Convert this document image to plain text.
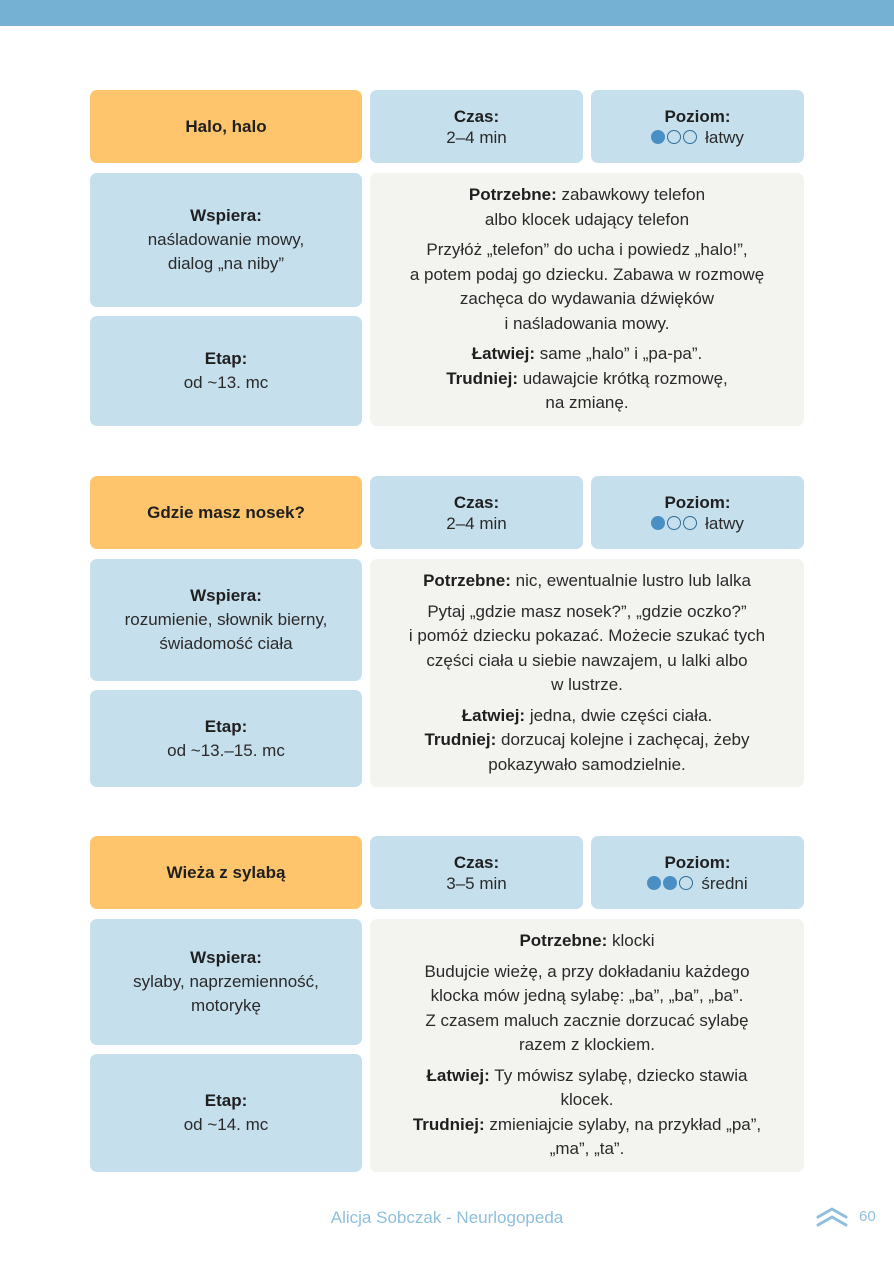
Halo, halo
Czas:
2–4 min
Poziom:
łatwy
Wspiera:
naśladowanie mowy,
dialog „na niby”
Etap:
od ~13. mc

Potrzebne: zabawkowy telefon
albo klocek udający telefon

Przyłóż „telefon” do ucha i powiedz „halo!”,
a potem podaj go dziecku. Zabawa w rozmowę
zachęca do wydawania dźwięków
i naśladowania mowy.

Łatwiej: same „halo” i „pa-pa”.
Trudniej: udawajcie krótką rozmowę,
na zmianę.

Gdzie masz nosek?
Czas:
2–4 min
Poziom:
łatwy
Wspiera:
rozumienie, słownik bierny,
świadomość ciała
Etap:
od ~13.–15. mc

Potrzebne: nic, ewentualnie lustro lub lalka

Pytaj „gdzie masz nosek?”, „gdzie oczko?”
i pomóż dziecku pokazać. Możecie szukać tych
części ciała u siebie nawzajem, u lalki albo
w lustrze.

Łatwiej: jedna, dwie części ciała.
Trudniej: dorzucaj kolejne i zachęcaj, żeby
pokazywało samodzielnie.

Wieża z sylabą
Czas:
3–5 min
Poziom:
średni
Wspiera:
sylaby, naprzemienność,
motorykę
Etap:
od ~14. mc

Potrzebne: klocki

Budujcie wieżę, a przy dokładaniu każdego
klocka mów jedną sylabę: „ba”, „ba”, „ba”.
Z czasem maluch zacznie dorzucać sylabę
razem z klockiem.

Łatwiej: Ty mówisz sylabę, dziecko stawia
klocek.
Trudniej: zmieniajcie sylaby, na przykład „pa”,
„ma”, „ta”.

Alicja Sobczak - Neurlogopeda	60
